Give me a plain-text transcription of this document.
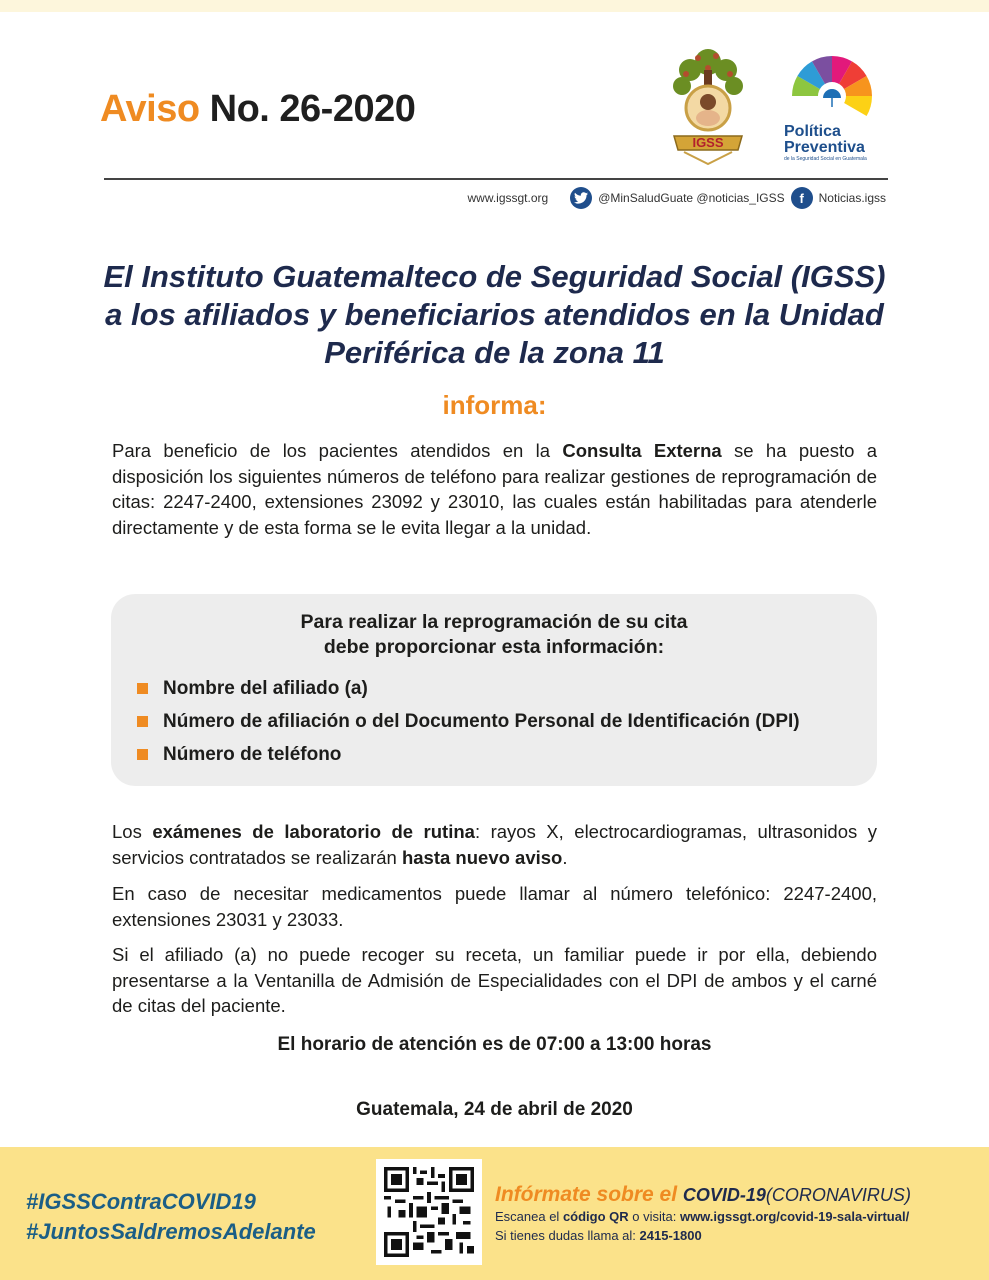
Aviso No. 26-2020
IGSS
Política
Preventiva
de la Seguridad Social en Guatemala
www.igssgt.org	@MinSaludGuate @noticias_IGSS	f	Noticias.igss
El Instituto Guatemalteco de Seguridad Social (IGSS) a los afiliados y beneficiarios atendidos en la Unidad Periférica de la zona 11
informa:
Para beneficio de los pacientes atendidos en la Consulta Externa se ha puesto a disposición los siguientes números de teléfono para realizar gestiones de reprogramación de citas: 2247-2400, extensiones 23092 y 23010, las cuales están habilitadas para atenderle directamente y de esta forma se le evita llegar a la unidad.
Para realizar la reprogramación de su cita
debe proporcionar esta información:
Nombre del afiliado (a)
Número de afiliación o del Documento Personal de Identificación (DPI)
Número de teléfono
Los exámenes de laboratorio de rutina: rayos X, electrocardiogramas, ultrasonidos y servicios contratados se realizarán hasta nuevo aviso.
En caso de necesitar medicamentos puede llamar al número telefónico: 2247-2400, extensiones 23031 y 23033.
Si el afiliado (a) no puede recoger su receta, un familiar puede ir por ella, debiendo presentarse a la Ventanilla de Admisión de Especialidades con el DPI de ambos y el carné de citas del paciente.
El horario de atención es de 07:00 a 13:00 horas
Guatemala, 24 de abril de 2020
#IGSSContraCOVID19
#JuntosSaldremosAdelante
Infórmate sobre el COVID-19(CORONAVIRUS)
Escanea el código QR o visita: www.igssgt.org/covid-19-sala-virtual/
Si tienes dudas llama al: 2415-1800
